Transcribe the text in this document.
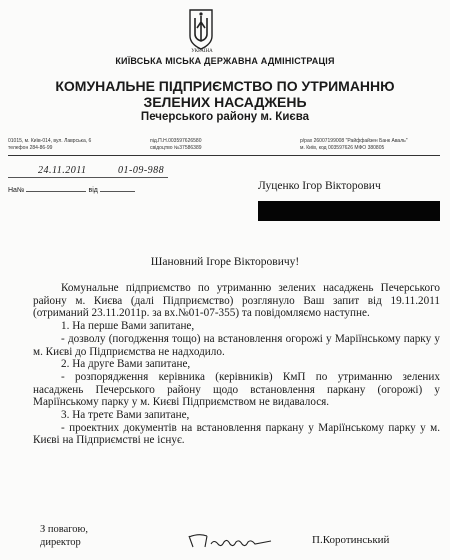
УКРАЇНА
КИЇВСЬКА МІСЬКА ДЕРЖАВНА АДМІНІСТРАЦІЯ
КОМУНАЛЬНЕ ПІДПРИЄМСТВО ПО УТРИМАННЮ
ЗЕЛЕНИХ НАСАДЖЕНЬ
Печерського району м. Києва
01015, м. Київ-014, вул. Лаврська, 6
телефон 284-86-99
під.П.Н.003597626580
свідоцтво №37586389
р/рах 26007199008 "Райффайзен Банк Аваль"
м. Київ, код 003597626 МФО 380805
24.11.2011	01-09-988
На№	від	Луценко Ігор Вікторович
Шановний Ігоре Вікторовичу!

Комунальне підприємство по утриманню зелених насаджень Печерського району м. Києва (далі Підприємство) розглянуло Ваш запит від 19.11.2011 (отриманий 23.11.2011р. за вх.№01-07-355) та повідомляємо наступне.

1. На перше Вами запитане,

- дозволу (погодження тощо) на встановлення огорожі у Маріїнському парку у м. Києві до Підприємства не надходило.

2. На друге Вами запитане,

- розпорядження керівника (керівників) КмП по утриманню зелених насаджень Печерського району щодо встановлення паркану (огорожі) у Маріїнському парку у м. Києві Підприємством не видавалося.

3. На третє Вами запитане,

- проектних документів на встановлення паркану у Маріїнському парку у м. Києві на Підприємстві не існує.

З повагою,
директор	П.Коротинський
